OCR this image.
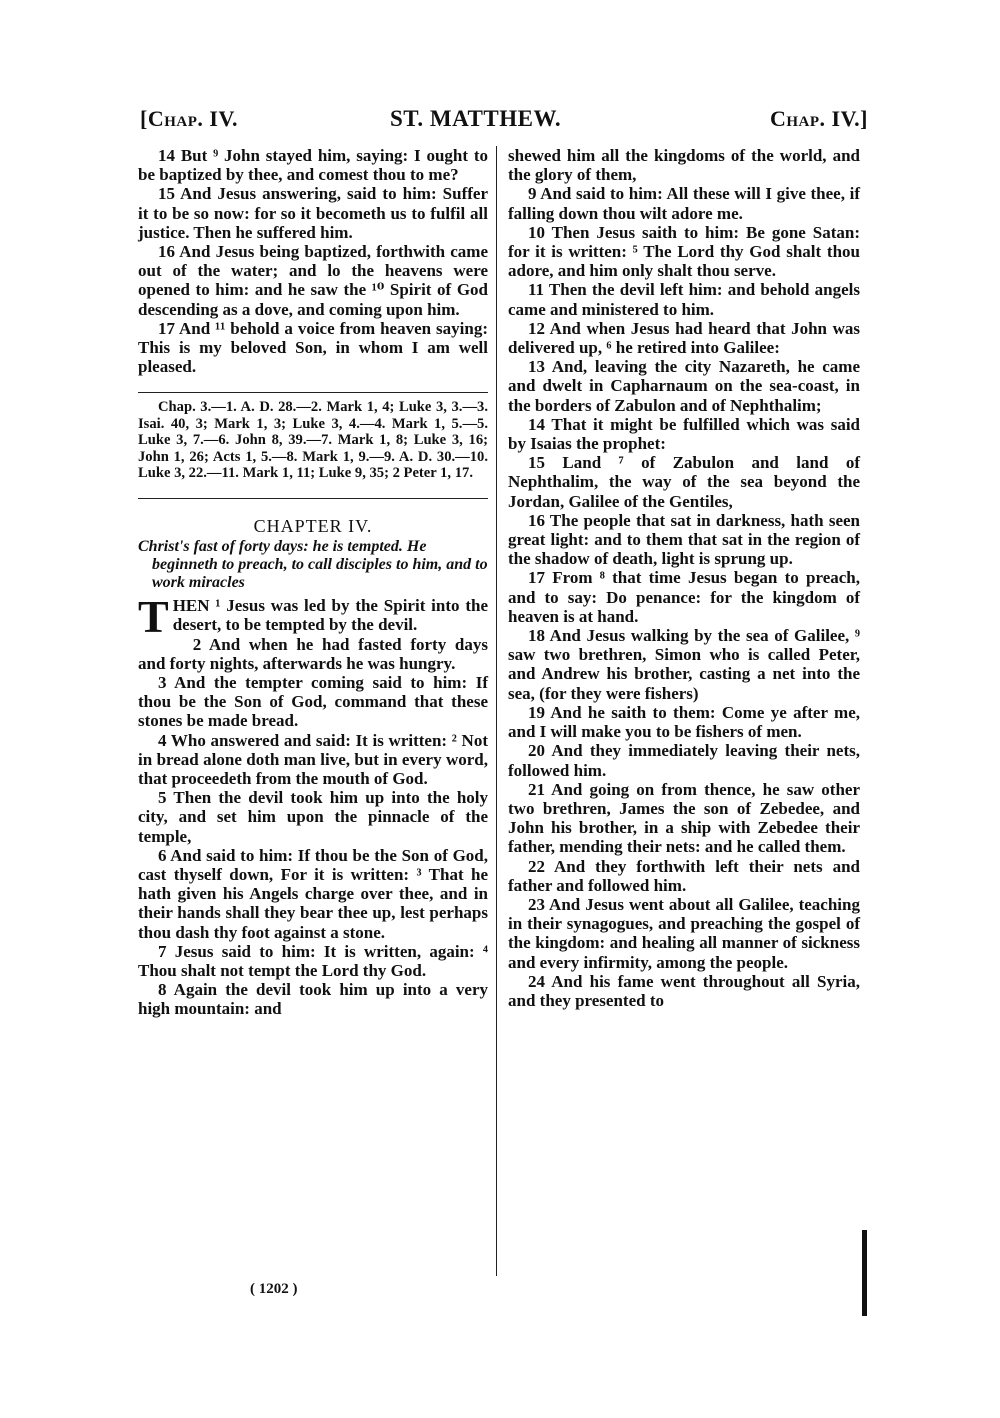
[Chap. IV.	ST. MATTHEW.	Chap. IV.]

14 But ⁹ John stayed him, saying: I ought to be baptized by thee, and comest thou to me?

15 And Jesus answering, said to him: Suffer it to be so now: for so it becometh us to fulfil all justice. Then he suffered him.

16 And Jesus being baptized, forthwith came out of the water; and lo the heavens were opened to him: and he saw the ¹⁰ Spirit of God descending as a dove, and coming upon him.

17 And ¹¹ behold a voice from heaven saying: This is my beloved Son, in whom I am well pleased.

Chap. 3.—1. A. D. 28.—2. Mark 1, 4; Luke 3, 3.—3. Isai. 40, 3; Mark 1, 3; Luke 3, 4.—4. Mark 1, 5.—5. Luke 3, 7.—6. John 8, 39.—7. Mark 1, 8; Luke 3, 16; John 1, 26; Acts 1, 5.—8. Mark 1, 9.—9. A. D. 30.—10. Luke 3, 22.—11. Mark 1, 11; Luke 9, 35; 2 Peter 1, 17.

CHAPTER IV.

Christ's fast of forty days: he is tempted. He beginneth to preach, to call disciples to him, and to work miracles

THEN ¹ Jesus was led by the Spirit into the desert, to be tempted by the devil.

2 And when he had fasted forty days and forty nights, afterwards he was hungry.

3 And the tempter coming said to him: If thou be the Son of God, command that these stones be made bread.

4 Who answered and said: It is written: ² Not in bread alone doth man live, but in every word, that proceedeth from the mouth of God.

5 Then the devil took him up into the holy city, and set him upon the pinnacle of the temple,

6 And said to him: If thou be the Son of God, cast thyself down, For it is written: ³ That he hath given his Angels charge over thee, and in their hands shall they bear thee up, lest perhaps thou dash thy foot against a stone.

7 Jesus said to him: It is written, again: ⁴ Thou shalt not tempt the Lord thy God.

8 Again the devil took him up into a very high mountain: and

shewed him all the kingdoms of the world, and the glory of them,

9 And said to him: All these will I give thee, if falling down thou wilt adore me.

10 Then Jesus saith to him: Be gone Satan: for it is written: ⁵ The Lord thy God shalt thou adore, and him only shalt thou serve.

11 Then the devil left him: and behold angels came and ministered to him.

12 And when Jesus had heard that John was delivered up, ⁶ he retired into Galilee:

13 And, leaving the city Nazareth, he came and dwelt in Capharnaum on the sea-coast, in the borders of Zabulon and of Nephthalim;

14 That it might be fulfilled which was said by Isaias the prophet:

15 Land ⁷ of Zabulon and land of Nephthalim, the way of the sea beyond the Jordan, Galilee of the Gentiles,

16 The people that sat in darkness, hath seen great light: and to them that sat in the region of the shadow of death, light is sprung up.

17 From ⁸ that time Jesus began to preach, and to say: Do penance: for the kingdom of heaven is at hand.

18 And Jesus walking by the sea of Galilee, ⁹ saw two brethren, Simon who is called Peter, and Andrew his brother, casting a net into the sea, (for they were fishers)

19 And he saith to them: Come ye after me, and I will make you to be fishers of men.

20 And they immediately leaving their nets, followed him.

21 And going on from thence, he saw other two brethren, James the son of Zebedee, and John his brother, in a ship with Zebedee their father, mending their nets: and he called them.

22 And they forthwith left their nets and father and followed him.

23 And Jesus went about all Galilee, teaching in their synagogues, and preaching the gospel of the kingdom: and healing all manner of sickness and every infirmity, among the people.

24 And his fame went throughout all Syria, and they presented to

( 1202 )
